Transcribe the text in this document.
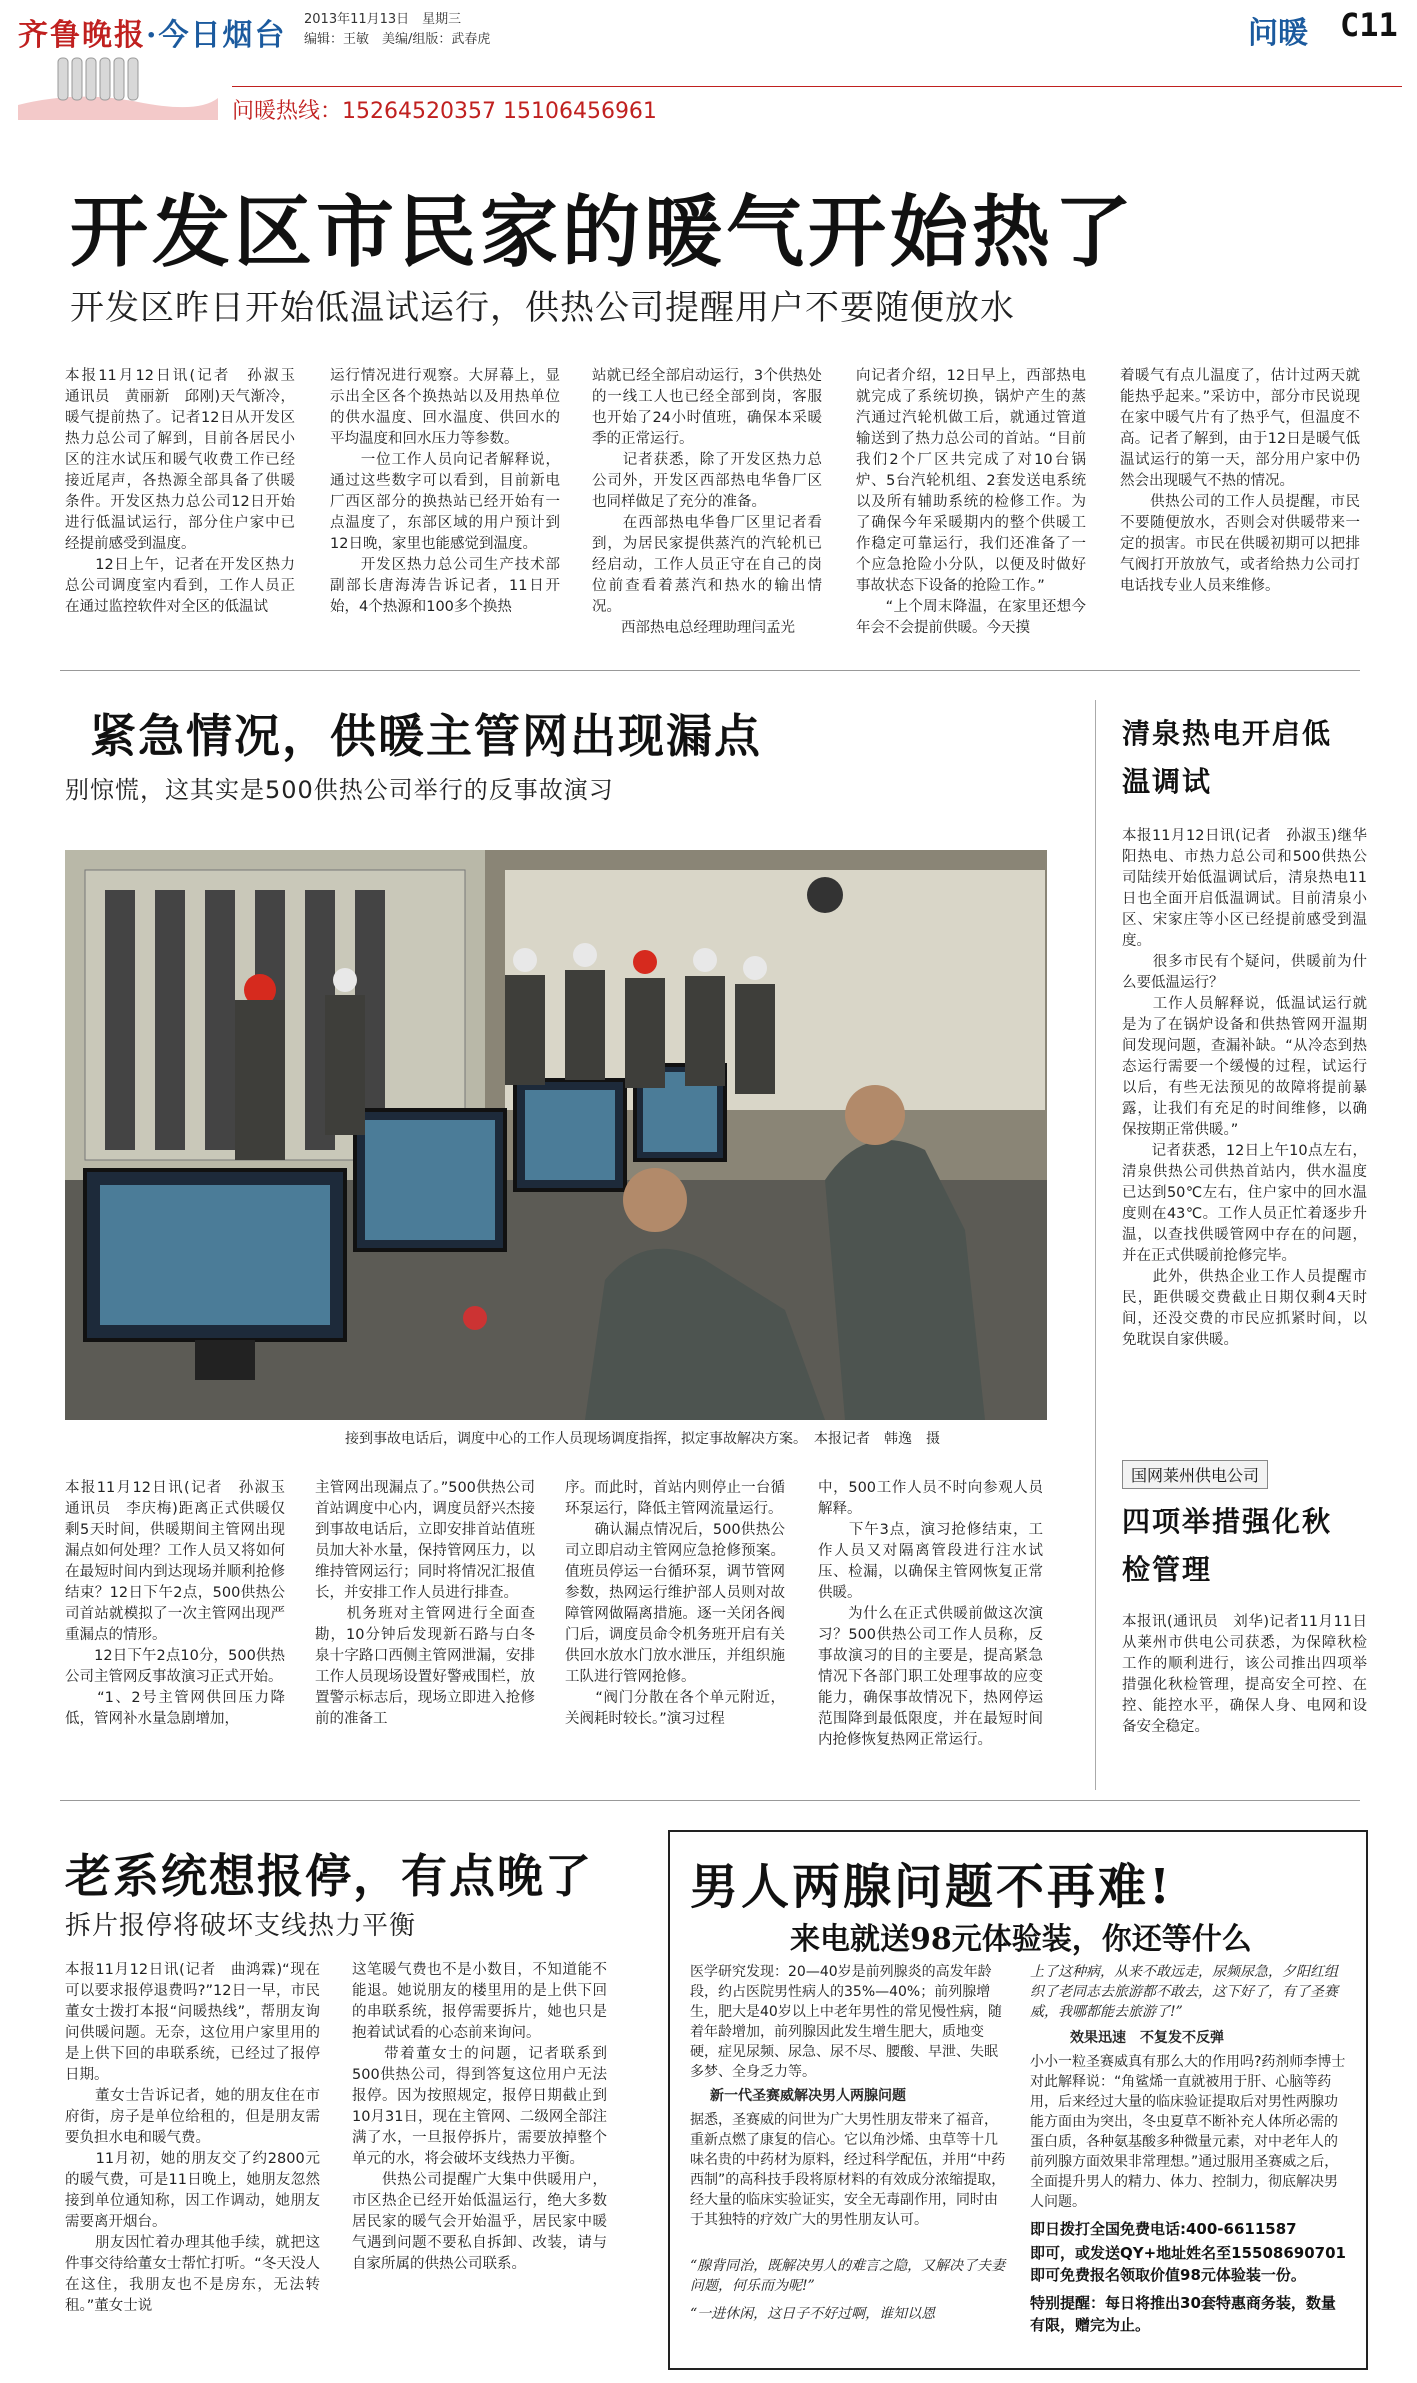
齐鲁晚报·今日烟台 2013年11月13日　星期三
编辑：王敏　美编/组版：武春虎	问暖 C11
问暖热线：15264520357 15106456961
开发区市民家的暖气开始热了
开发区昨日开始低温试运行，供热公司提醒用户不要随便放水
本报11月12日讯(记者　孙淑玉　通讯员　黄丽新　邱刚)天气渐冷，暖气提前热了。记者12日从开发区热力总公司了解到，目前各居民小区的注水试压和暖气收费工作已经接近尾声，各热源全部具备了供暖条件。开发区热力总公司12日开始进行低温试运行，部分住户家中已经提前感受到温度。
　　12日上午，记者在开发区热力总公司调度室内看到，工作人员正在通过监控软件对全区的低温试
运行情况进行观察。大屏幕上，显示出全区各个换热站以及用热单位的供水温度、回水温度、供回水的平均温度和回水压力等参数。
　　一位工作人员向记者解释说，通过这些数字可以看到，目前新电厂西区部分的换热站已经开始有一点温度了，东部区域的用户预计到12日晚，家里也能感觉到温度。
　　开发区热力总公司生产技术部副部长唐海涛告诉记者，11日开始，4个热源和100多个换热
站就已经全部启动运行，3个供热处的一线工人也已经全部到岗，客服也开始了24小时值班，确保本采暖季的正常运行。
　　记者获悉，除了开发区热力总公司外，开发区西部热电华鲁厂区也同样做足了充分的准备。
　　在西部热电华鲁厂区里记者看到，为居民家提供蒸汽的汽轮机已经启动，工作人员正守在自己的岗位前查看着蒸汽和热水的输出情况。
　　西部热电总经理助理闫孟光
向记者介绍，12日早上，西部热电就完成了系统切换，锅炉产生的蒸汽通过汽轮机做工后，就通过管道输送到了热力总公司的首站。“目前我们2个厂区共完成了对10台锅炉、5台汽轮机组、2套发送电系统以及所有辅助系统的检修工作。为了确保今年采暖期内的整个供暖工作稳定可靠运行，我们还准备了一个应急抢险小分队，以便及时做好事故状态下设备的抢险工作。”
　　“上个周末降温，在家里还想今年会不会提前供暖。今天摸
着暖气有点儿温度了，估计过两天就能热乎起来。”采访中，部分市民说现在家中暖气片有了热乎气，但温度不高。记者了解到，由于12日是暖气低温试运行的第一天，部分用户家中仍然会出现暖气不热的情况。
　　供热公司的工作人员提醒，市民不要随便放水，否则会对供暖带来一定的损害。市民在供暖初期可以把排气阀打开放放气，或者给热力公司打电话找专业人员来维修。
紧急情况，供暖主管网出现漏点
别惊慌，这其实是500供热公司举行的反事故演习
接到事故电话后，调度中心的工作人员现场调度指挥，拟定事故解决方案。　本报记者　韩逸　摄
本报11月12日讯(记者　孙淑玉　通讯员　李庆梅)距离正式供暖仅剩5天时间，供暖期间主管网出现漏点如何处理？工作人员又将如何在最短时间内到达现场并顺利抢修结束？12日下午2点，500供热公司首站就模拟了一次主管网出现严重漏点的情形。
　　12日下午2点10分，500供热公司主管网反事故演习正式开始。
　　“1、2号主管网供回压力降低，管网补水量急剧增加，
主管网出现漏点了。”500供热公司首站调度中心内，调度员舒兴杰接到事故电话后，立即安排首站值班员加大补水量，保持管网压力，以维持管网运行；同时将情况汇报值长，并安排工作人员进行排查。
　　机务班对主管网进行全面查勘，10分钟后发现新石路与白冬泉十字路口西侧主管网泄漏，安排工作人员现场设置好警戒围栏，放置警示标志后，现场立即进入抢修前的准备工
序。而此时，首站内则停止一台循环泵运行，降低主管网流量运行。
　　确认漏点情况后，500供热公司立即启动主管网应急抢修预案。值班员停运一台循环泵，调节管网参数，热网运行维护部人员则对故障管网做隔离措施。逐一关闭各阀门后，调度员命令机务班开启有关供回水放水门放水泄压，并组织施工队进行管网抢修。
　　“阀门分散在各个单元附近，关阀耗时较长。”演习过程
中，500工作人员不时向参观人员解释。
　　下午3点，演习抢修结束，工作人员又对隔离管段进行注水试压、检漏，以确保主管网恢复正常供暖。
　　为什么在正式供暖前做这次演习？500供热公司工作人员称，反事故演习的目的主要是，提高紧急情况下各部门职工处理事故的应变能力，确保事故情况下，热网停运范围降到最低限度，并在最短时间内抢修恢复热网正常运行。
清泉热电开启低温调试
本报11月12日讯(记者　孙淑玉)继华阳热电、市热力总公司和500供热公司陆续开始低温调试后，清泉热电11日也全面开启低温调试。目前清泉小区、宋家庄等小区已经提前感受到温度。
　　很多市民有个疑问，供暖前为什么要低温运行？
　　工作人员解释说，低温试运行就是为了在锅炉设备和供热管网开温期间发现问题，查漏补缺。“从冷态到热态运行需要一个缓慢的过程，试运行以后，有些无法预见的故障将提前暴露，让我们有充足的时间维修，以确保按期正常供暖。”
　　记者获悉，12日上午10点左右，清泉供热公司供热首站内，供水温度已达到50℃左右，住户家中的回水温度则在43℃。工作人员正忙着逐步升温，以查找供暖管网中存在的问题，并在正式供暖前抢修完毕。
　　此外，供热企业工作人员提醒市民，距供暖交费截止日期仅剩4天时间，还没交费的市民应抓紧时间，以免耽误自家供暖。
国网莱州供电公司
四项举措强化秋检管理
本报讯(通讯员　刘华)记者11月11日从莱州市供电公司获悉，为保障秋检工作的顺利进行，该公司推出四项举措强化秋检管理，提高安全可控、在控、能控水平，确保人身、电网和设备安全稳定。
老系统想报停，有点晚了
拆片报停将破坏支线热力平衡
本报11月12日讯(记者　曲鸿霖)“现在可以要求报停退费吗?”12日一早，市民董女士拨打本报“问暖热线”，帮朋友询问供暖问题。无奈，这位用户家里用的是上供下回的串联系统，已经过了报停日期。
　　董女士告诉记者，她的朋友住在市府街，房子是单位给租的，但是朋友需要负担水电和暖气费。
　　11月初，她的朋友交了约2800元的暖气费，可是11日晚上，她朋友忽然接到单位通知称，因工作调动，她朋友需要离开烟台。
　　朋友因忙着办理其他手续，就把这件事交待给董女士帮忙打听。“冬天没人在这住，我朋友也不是房东，无法转租。”董女士说
这笔暖气费也不是小数目，不知道能不能退。她说朋友的楼里用的是上供下回的串联系统，报停需要拆片，她也只是抱着试试看的心态前来询问。
　　带着董女士的问题，记者联系到500供热公司，得到答复这位用户无法报停。因为按照规定，报停日期截止到10月31日，现在主管网、二级网全部注满了水，一旦报停拆片，需要放掉整个单元的水，将会破坏支线热力平衡。
　　供热公司提醒广大集中供暖用户，市区热企已经开始低温运行，绝大多数居民家的暖气会开始温乎，居民家中暖气遇到问题不要私自拆卸、改装，请与自家所属的供热公司联系。
男人两腺问题不再难!
来电就送98元体验装，你还等什么
医学研究发现：20—40岁是前列腺炎的高发年龄段，约占医院男性病人的35%—40%；前列腺增生，肥大是40岁以上中老年男性的常见慢性病，随着年龄增加，前列腺因此发生增生肥大，质地变硬，症见尿频、尿急、尿不尽、腰酸、早泄、失眠多梦、全身乏力等。
新一代圣赛威解决男人两腺问题
据悉，圣赛威的问世为广大男性朋友带来了福音，重新点燃了康复的信心。它以角沙烯、虫草等十几味名贵的中药材为原料，经过科学配伍，并用“中药西制”的高科技手段将原材料的有效成分浓缩提取，经大量的临床实验证实，安全无毒副作用，同时由于其独特的疗效广大的男性朋友认可。
“腺背同治，既解决男人的难言之隐，又解决了夫妻问题，何乐而为呢!”
“一进休闲，这日子不好过啊，谁知以恩
上了这种病，从来不敢远走，尿频尿急，夕阳红组织了老同志去旅游都不敢去，这下好了，有了圣赛威，我哪都能去旅游了!”
效果迅速　不复发不反弹
小小一粒圣赛威真有那么大的作用吗?药剂师李博士对此解释说：“角鲨烯一直就被用于肝、心脑等药用，后来经过大量的临床验证提取后对男性两腺功能方面由为突出，冬虫夏草不断补充人体所必需的蛋白质，各种氨基酸多种微量元素，对中老年人的前列腺方面效果非常理想。”通过服用圣赛威之后，全面提升男人的精力、体力、控制力，彻底解决男人问题。
即日拨打全国免费电话:400-6611587
即可，或发送QY+地址姓名至15508690701即可免费报名领取价值98元体验装一份。
特别提醒：每日将推出30套特惠商务装，数量有限，赠完为止。
